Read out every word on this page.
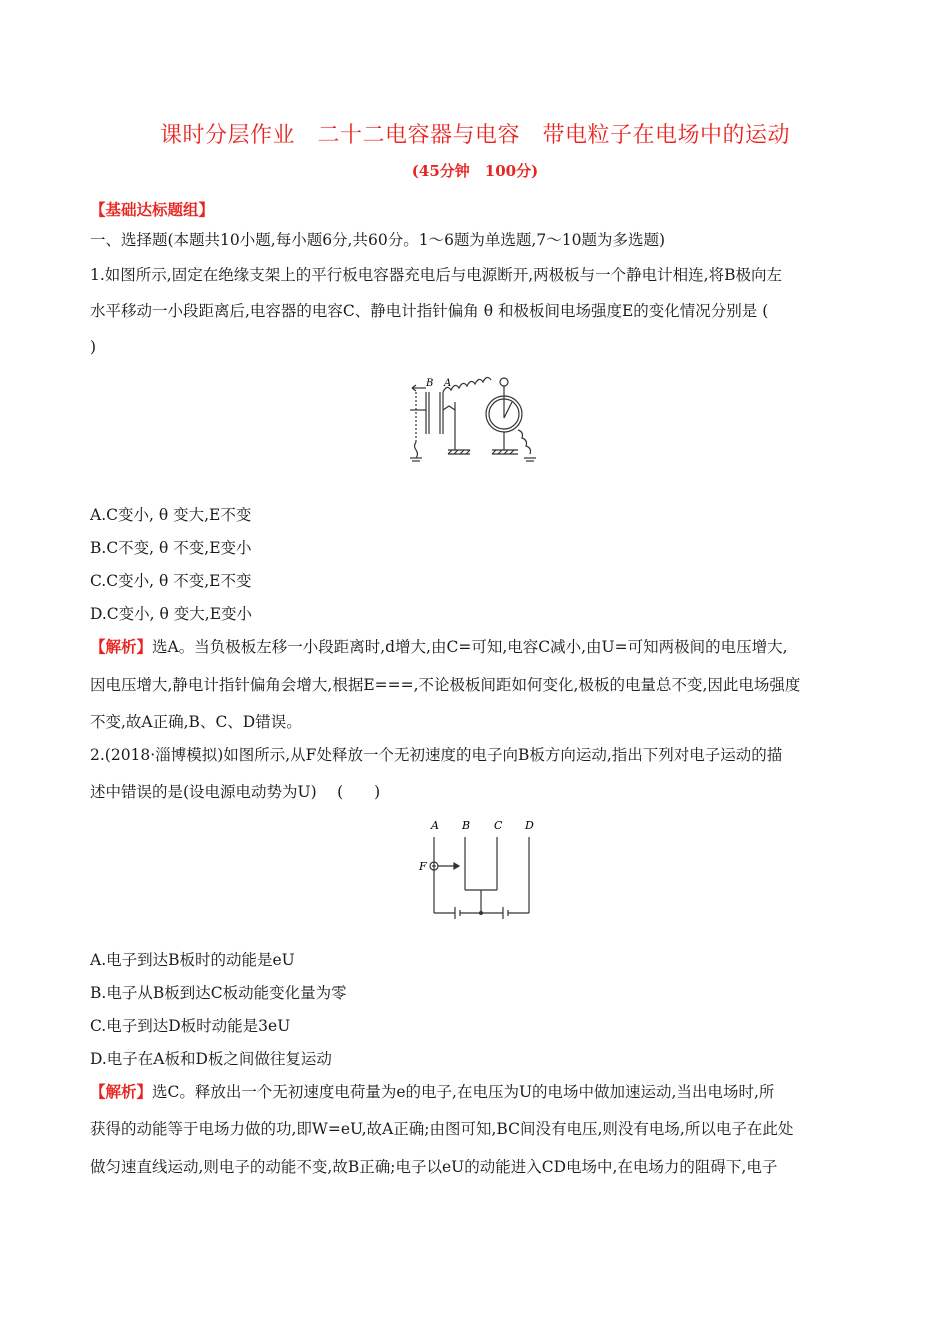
课时分层作业　二十二电容器与电容　带电粒子在电场中的运动
(45分钟　100分)
【基础达标题组】
一、选择题(本题共10小题,每小题6分,共60分。1～6题为单选题,7～10题为多选题)
1.如图所示,固定在绝缘支架上的平行板电容器充电后与电源断开,两极板与一个静电计相连,将B极向左
水平移动一小段距离后,电容器的电容C、静电计指针偏角 θ 和极板间电场强度E的变化情况分别是 (
)
B A
A.C变小, θ 变大,E不变
B.C不变, θ 不变,E变小
C.C变小, θ 不变,E不变
D.C变小, θ 变大,E变小
【解析】选A。当负极板左移一小段距离时,d增大,由C=可知,电容C减小,由U=可知两极间的电压增大,
因电压增大,静电计指针偏角会增大,根据E===,不论极板间距如何变化,极板的电量总不变,因此电场强度
不变,故A正确,B、C、D错误。
2.(2018·淄博模拟)如图所示,从F处释放一个无初速度的电子向B板方向运动,指出下列对电子运动的描
述中错误的是(设电源电动势为U)　 (　　)
A B C D
F
A.电子到达B板时的动能是eU
B.电子从B板到达C板动能变化量为零
C.电子到达D板时动能是3eU
D.电子在A板和D板之间做往复运动
【解析】选C。释放出一个无初速度电荷量为e的电子,在电压为U的电场中做加速运动,当出电场时,所
获得的动能等于电场力做的功,即W=eU,故A正确;由图可知,BC间没有电压,则没有电场,所以电子在此处
做匀速直线运动,则电子的动能不变,故B正确;电子以eU的动能进入CD电场中,在电场力的阻碍下,电子
